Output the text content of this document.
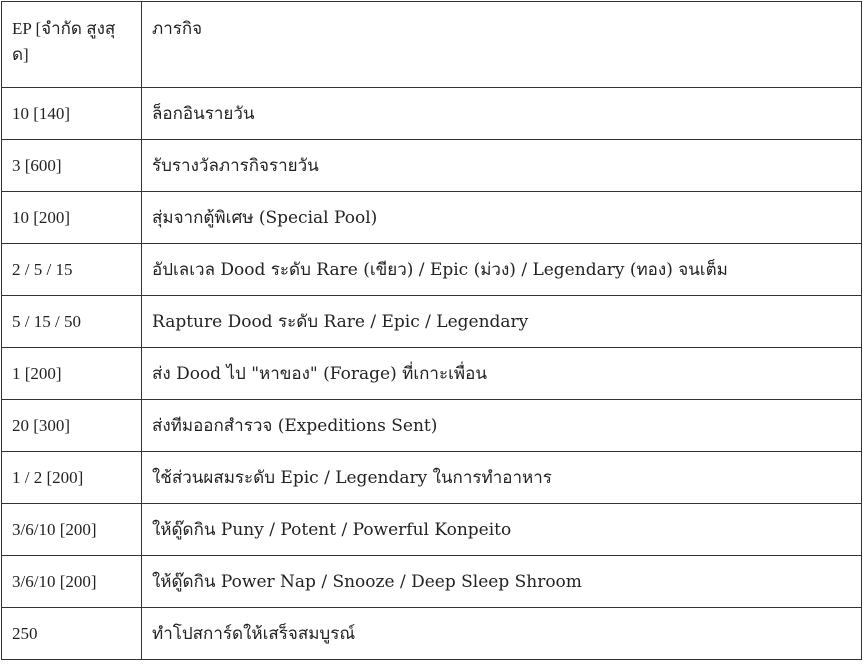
EP [จำกัด สูงสุด]	ภารกิจ
10 [140]	ล็อกอินรายวัน
3 [600]	รับรางวัลภารกิจรายวัน
10 [200]	สุ่มจากตู้พิเศษ (Special Pool)
2 / 5 / 15	อัปเลเวล Dood ระดับ Rare (เขียว) / Epic (ม่วง) / Legendary (ทอง) จนเต็ม
5 / 15 / 50	Rapture Dood ระดับ Rare / Epic / Legendary
1 [200]	ส่ง Dood ไป "หาของ" (Forage) ที่เกาะเพื่อน
20 [300]	ส่งทีมออกสำรวจ (Expeditions Sent)
1 / 2 [200]	ใช้ส่วนผสมระดับ Epic / Legendary ในการทำอาหาร
3/6/10 [200]	ให้ดู๊ดกิน Puny / Potent / Powerful Konpeito
3/6/10 [200]	ให้ดู๊ดกิน Power Nap / Snooze / Deep Sleep Shroom
250	ทำโปสการ์ดให้เสร็จสมบูรณ์
